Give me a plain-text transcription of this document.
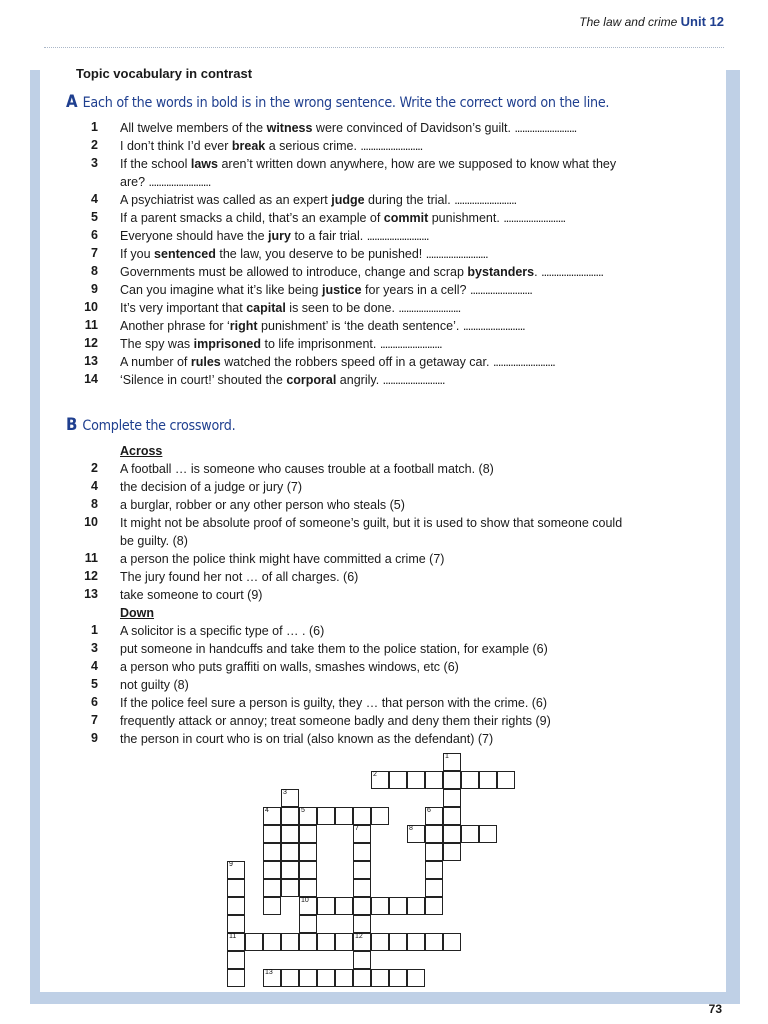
The law and crime Unit 12
Topic vocabulary in contrast
A Each of the words in bold is in the wrong sentence. Write the correct word on the line.
1 All twelve members of the witness were convinced of Davidson’s guilt. .........................
2 I don’t think I’d ever break a serious crime. .........................
3 If the school laws aren’t written down anywhere, how are we supposed to know what they
are? .........................
4 A psychiatrist was called as an expert judge during the trial. .........................
5 If a parent smacks a child, that’s an example of commit punishment. .........................
6 Everyone should have the jury to a fair trial. .........................
7 If you sentenced the law, you deserve to be punished! .........................
8 Governments must be allowed to introduce, change and scrap bystanders. .........................
9 Can you imagine what it’s like being justice for years in a cell? .........................
10 It’s very important that capital is seen to be done. .........................
11 Another phrase for ‘right punishment’ is ‘the death sentence’. .........................
12 The spy was imprisoned to life imprisonment. .........................
13 A number of rules watched the robbers speed off in a getaway car. .........................
14 ‘Silence in court!’ shouted the corporal angrily. .........................
B Complete the crossword.
Across
2 A football … is someone who causes trouble at a football match. (8)
4 the decision of a judge or jury (7)
8 a burglar, robber or any other person who steals (5)
10 It might not be absolute proof of someone’s guilt, but it is used to show that someone could
be guilty. (8)
11 a person the police think might have committed a crime (7)
12 The jury found her not … of all charges. (6)
13 take someone to court (9)
Down
1 A solicitor is a specific type of … . (6)
3 put someone in handcuffs and take them to the police station, for example (6)
4 a person who puts graffiti on walls, smashes windows, etc (6)
5 not guilty (8)
6 If the police feel sure a person is guilty, they … that person with the crime. (6)
7 frequently attack or annoy; treat someone badly and deny them their rights (9)
9 the person in court who is on trial (also known as the defendant) (7)
1
2
3
4	5
10
6
7
12
8
9
11
13
73
